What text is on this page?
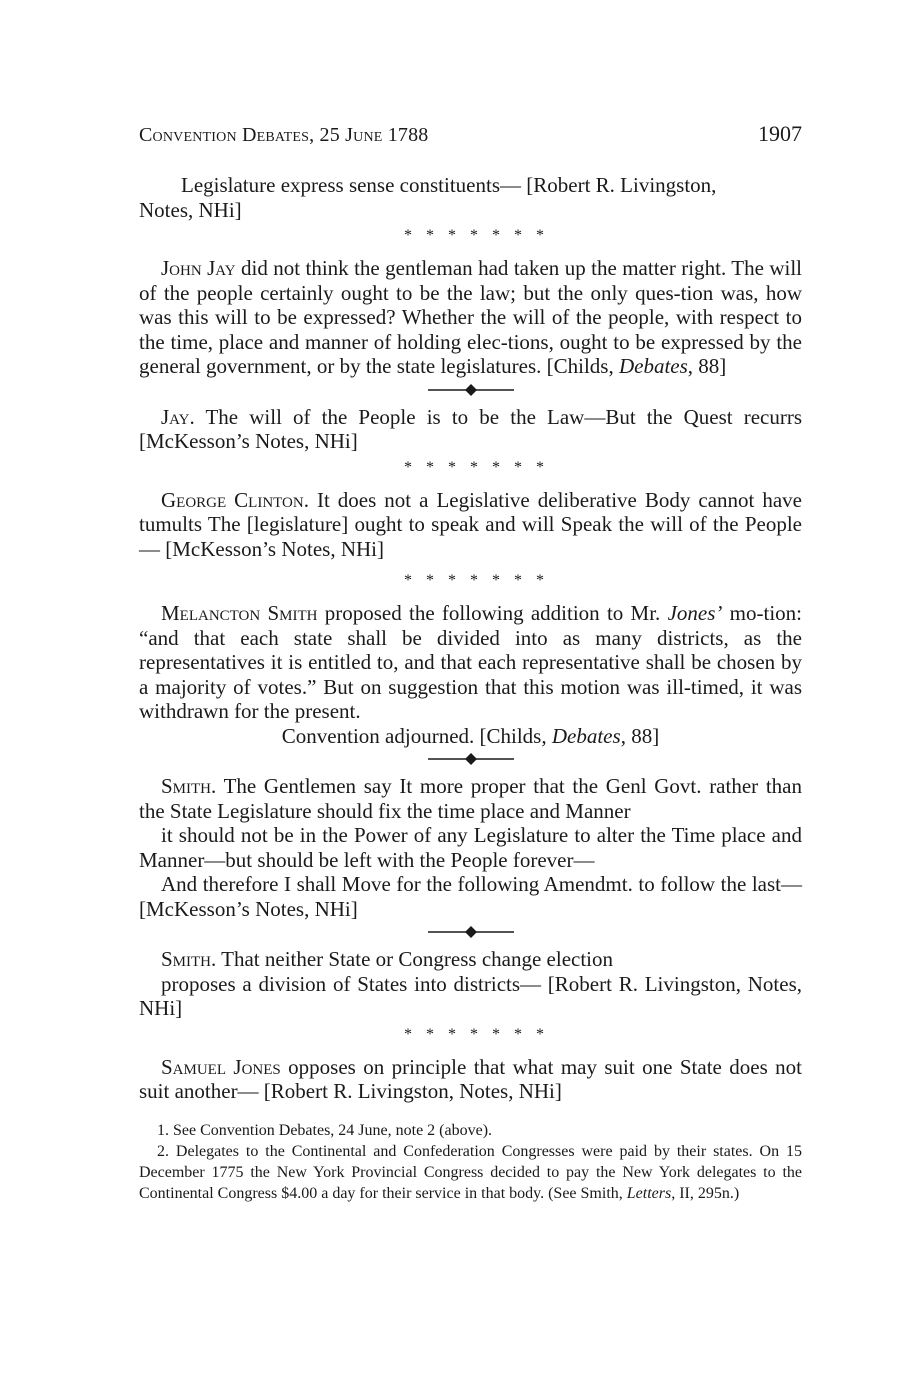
Convention Debates, 25 June 1788	1907

Legislature express sense constituents— [Robert R. Livingston,
Notes, NHi]

* * * * * * *

John Jay did not think the gentleman had taken up the matter right. The will of the people certainly ought to be the law; but the only ques-tion was, how was this will to be expressed? Whether the will of the people, with respect to the time, place and manner of holding elec-tions, ought to be expressed by the general government, or by the state legislatures. [Childs, Debates, 88]

Jay. The will of the People is to be the Law—But the Quest recurrs [McKesson’s Notes, NHi]

* * * * * * *

George Clinton. It does not a Legislative deliberative Body cannot have tumults The [legislature] ought to speak and will Speak the will of the People— [McKesson’s Notes, NHi]

* * * * * * *

Melancton Smith proposed the following addition to Mr. Jones’ mo-tion: “and that each state shall be divided into as many districts, as the representatives it is entitled to, and that each representative shall be chosen by a majority of votes.” But on suggestion that this motion was ill-timed, it was withdrawn for the present.

Convention adjourned. [Childs, Debates, 88]
Smith. The Gentlemen say It more proper that the Genl Govt. rather than the State Legislature should fix the time place and Manner
it should not be in the Power of any Legislature to alter the Time place and Manner—but should be left with the People forever—
And therefore I shall Move for the following Amendmt. to follow the last— [McKesson’s Notes, NHi]
Smith. That neither State or Congress change election
proposes a division of States into districts— [Robert R. Livingston, Notes, NHi]
* * * * * * *

Samuel Jones opposes on principle that what may suit one State does not suit another— [Robert R. Livingston, Notes, NHi]

1. See Convention Debates, 24 June, note 2 (above).

2. Delegates to the Continental and Confederation Congresses were paid by their states. On 15 December 1775 the New York Provincial Congress decided to pay the New York delegates to the Continental Congress $4.00 a day for their service in that body. (See Smith, Letters, II, 295n.)
